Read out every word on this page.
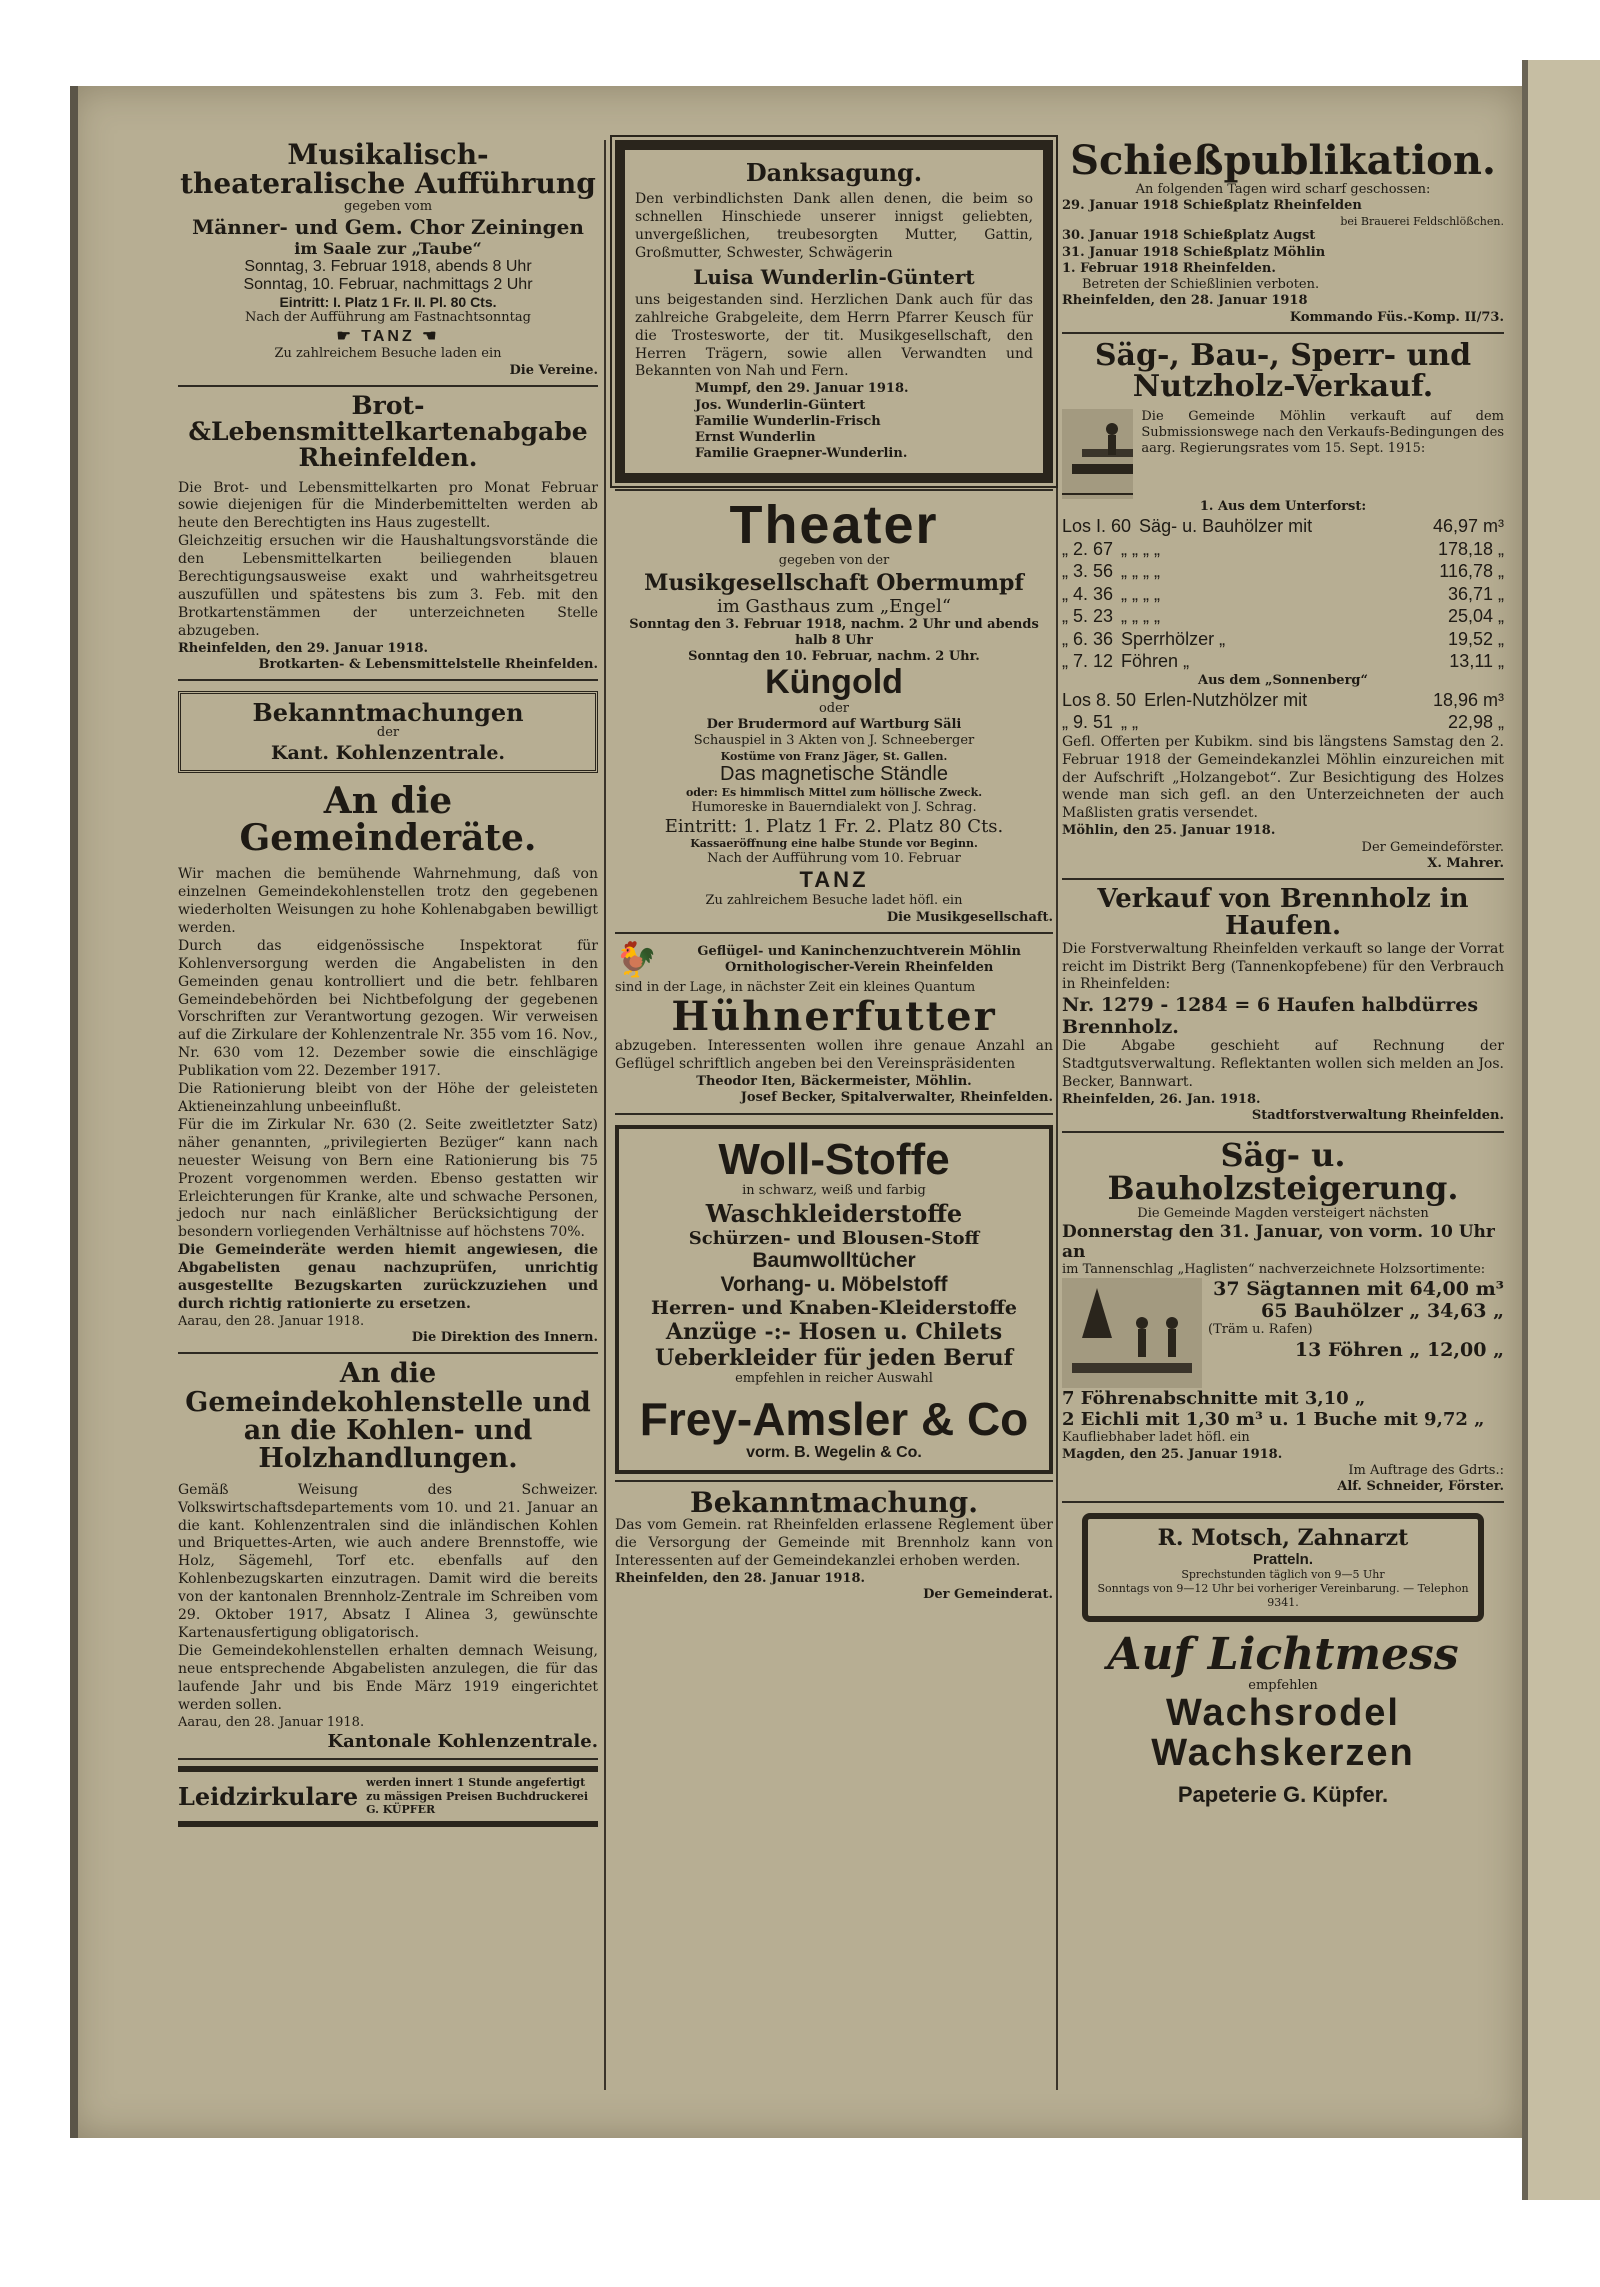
Musikalisch-theateralische Aufführung
gegeben vom
Männer- und Gem. Chor Zeiningen
im Saale zur „Taube“
Sonntag, 3. Februar 1918, abends 8 Uhr
Sonntag, 10. Februar, nachmittags 2 Uhr
Eintritt: I. Platz 1 Fr. II. Pl. 80 Cts.
Nach der Aufführung am Fastnachtsonntag
☛ TANZ ☚
Zu zahlreichem Besuche laden ein
Die Vereine.
Brot-&Lebensmittelkartenabgabe Rheinfelden.
Die Brot- und Lebensmittelkarten pro Monat Februar sowie diejenigen für die Minderbemittelten werden ab heute den Berechtigten ins Haus zugestellt.
Gleichzeitig ersuchen wir die Haushaltungsvorstände die den Lebensmittelkarten beiliegenden blauen Berechtigungsausweise exakt und wahrheitsgetreu auszufüllen und spätestens bis zum 3. Feb. mit den Brotkartenstämmen der unterzeichneten Stelle abzugeben.
Rheinfelden, den 29. Januar 1918.
Brotkarten- & Lebensmittelstelle Rheinfelden.
Bekanntmachungen
der
Kant. Kohlenzentrale.
An die Gemeinderäte.
Wir machen die bemühende Wahrnehmung, daß von einzelnen Gemeindekohlenstellen trotz den gegebenen wiederholten Weisungen zu hohe Kohlenabgaben bewilligt werden.
Durch das eidgenössische Inspektorat für Kohlenversorgung werden die Angabelisten in den Gemeinden genau kontrolliert und die betr. fehlbaren Gemeindebehörden bei Nichtbefolgung der gegebenen Vorschriften zur Verantwortung gezogen. Wir verweisen auf die Zirkulare der Kohlenzentrale Nr. 355 vom 16. Nov., Nr. 630 vom 12. Dezember sowie die einschlägige Publikation vom 22. Dezember 1917.
Die Rationierung bleibt von der Höhe der geleisteten Aktieneinzahlung unbeeinflußt.
Für die im Zirkular Nr. 630 (2. Seite zweitletzter Satz) näher genannten, „privilegierten Bezüger“ kann nach neuester Weisung von Bern eine Rationierung bis 75 Prozent vorgenommen werden. Ebenso gestatten wir Erleichterungen für Kranke, alte und schwache Personen, jedoch nur nach einläßlicher Berücksichtigung der besondern vorliegenden Verhältnisse auf höchstens 70%.
Die Gemeinderäte werden hiemit angewiesen, die Abgabelisten genau nachzuprüfen, unrichtig ausgestellte Bezugskarten zurückzuziehen und durch richtig rationierte zu ersetzen.
Aarau, den 28. Januar 1918.
Die Direktion des Innern.
An die Gemeindekohlenstelle und an die Kohlen- und Holzhandlungen.
Gemäß Weisung des Schweizer. Volkswirtschaftsdepartements vom 10. und 21. Januar an die kant. Kohlenzentralen sind die inländischen Kohlen und Briquettes-Arten, wie auch andere Brennstoffe, wie Holz, Sägemehl, Torf etc. ebenfalls auf den Kohlenbezugskarten einzutragen. Damit wird die bereits von der kantonalen Brennholz-Zentrale im Schreiben vom 29. Oktober 1917, Absatz I Alinea 3, gewünschte Kartenausfertigung obligatorisch.
Die Gemeindekohlenstellen erhalten demnach Weisung, neue entsprechende Abgabelisten anzulegen, die für das laufende Jahr und bis Ende März 1919 eingerichtet werden sollen.
Aarau, den 28. Januar 1918.
Kantonale Kohlenzentrale.
Leidzirkulare werden innert 1 Stunde angefertigt zu mässigen Preisen Buchdruckerei G. KÜPFER
Danksagung.
Den verbindlichsten Dank allen denen, die beim so schnellen Hinschiede unserer innigst geliebten, unvergeßlichen, treubesorgten Mutter, Gattin, Großmutter, Schwester, Schwägerin
Luisa Wunderlin-Güntert
uns beigestanden sind. Herzlichen Dank auch für das zahlreiche Grabgeleite, dem Herrn Pfarrer Keusch für die Trostesworte, der tit. Musikgesellschaft, den Herren Trägern, sowie allen Verwandten und Bekannten von Nah und Fern.
Mumpf, den 29. Januar 1918.
Jos. Wunderlin-Güntert
Familie Wunderlin-Frisch
Ernst Wunderlin
Familie Graepner-Wunderlin.
Theater
gegeben von der
Musikgesellschaft Obermumpf
im Gasthaus zum „Engel“
Sonntag den 3. Februar 1918, nachm. 2 Uhr und abends halb 8 Uhr
Sonntag den 10. Februar, nachm. 2 Uhr.
Küngold
oder
Der Brudermord auf Wartburg Säli
Schauspiel in 3 Akten von J. Schneeberger
Kostüme von Franz Jäger, St. Gallen.
Das magnetische Ständle
oder: Es himmlisch Mittel zum höllische Zweck.
Humoreske in Bauerndialekt von J. Schrag.
Eintritt: 1. Platz 1 Fr. 2. Platz 80 Cts.
Kassaeröffnung eine halbe Stunde vor Beginn.
Nach der Aufführung vom 10. Februar
TANZ
Zu zahlreichem Besuche ladet höfl. ein
Die Musikgesellschaft.
🐓	Geflügel- und Kaninchenzuchtverein Möhlin
Ornithologischer-Verein Rheinfelden
sind in der Lage, in nächster Zeit ein kleines Quantum
Hühnerfutter
abzugeben. Interessenten wollen ihre genaue Anzahl an Geflügel schriftlich angeben bei den Vereinspräsidenten
Theodor Iten, Bäckermeister, Möhlin.
Josef Becker, Spitalverwalter, Rheinfelden.
Woll-Stoffe
in schwarz, weiß und farbig
Waschkleiderstoffe
Schürzen- und Blousen-Stoff
Baumwolltücher
Vorhang- u. Möbelstoff
Herren- und Knaben-Kleiderstoffe
Anzüge -:- Hosen u. Chilets
Ueberkleider für jeden Beruf
empfehlen in reicher Auswahl
Frey-Amsler & Co
vorm. B. Wegelin & Co.
Bekanntmachung.
Das vom Gemein. rat Rheinfelden erlassene Reglement über die Versorgung der Gemeinde mit Brennholz kann von Interessenten auf der Gemeindekanzlei erhoben werden.
Rheinfelden, den 28. Januar 1918.
Der Gemeinderat.
Schießpublikation.
An folgenden Tagen wird scharf geschossen:
29. Januar 1918 Schießplatz Rheinfelden
bei Brauerei Feldschlößchen.
30. Januar 1918 Schießplatz Augst
31. Januar 1918 Schießplatz Möhlin
1. Februar 1918 Rheinfelden.
Betreten der Schießlinien verboten.
Rheinfelden, den 28. Januar 1918
Kommando Füs.-Komp. II/73.
Säg-, Bau-, Sperr- und Nutzholz-Verkauf.
Die Gemeinde Möhlin verkauft auf dem Submissionswege nach den Verkaufs-Bedingungen des aarg. Regierungsrates vom 15. Sept. 1915:
1. Aus dem Unterforst:
Los I. 60 Säg- u. Bauhölzer mit	46,97 m³
„ 2. 67 „ „ „ „	178,18 „
„ 3. 56 „ „ „ „	116,78 „
„ 4. 36 „ „ „ „	36,71 „
„ 5. 23 „ „ „ „	25,04 „
„ 6. 36 Sperrhölzer „	19,52 „
„ 7. 12 Föhren „	13,11 „
Aus dem „Sonnenberg“
Los 8. 50 Erlen-Nutzhölzer mit	18,96 m³
„ 9. 51 „ „	22,98 „
Gefl. Offerten per Kubikm. sind bis längstens Samstag den 2. Februar 1918 der Gemeindekanzlei Möhlin einzureichen mit der Aufschrift „Holzangebot“. Zur Besichtigung des Holzes wende man sich gefl. an den Unterzeichneten der auch Maßlisten gratis versendet.
Möhlin, den 25. Januar 1918.
Der Gemeindeförster.
X. Mahrer.
Verkauf von Brennholz in Haufen.
Die Forstverwaltung Rheinfelden verkauft so lange der Vorrat reicht im Distrikt Berg (Tannenkopfebene) für den Verbrauch in Rheinfelden:
Nr. 1279 - 1284 = 6 Haufen halbdürres Brennholz.
Die Abgabe geschieht auf Rechnung der Stadtgutsverwaltung. Reflektanten wollen sich melden an Jos. Becker, Bannwart.
Rheinfelden, 26. Jan. 1918.
Stadtforstverwaltung Rheinfelden.
Säg- u. Bauholzsteigerung.
Die Gemeinde Magden versteigert nächsten
Donnerstag den 31. Januar, von vorm. 10 Uhr an
im Tannenschlag „Haglisten“ nachverzeichnete Holzsortimente:
37 Sägtannen mit 64,00 m³
65 Bauhölzer „ 34,63 „
(Träm u. Rafen)
13 Föhren „ 12,00 „
7 Föhrenabschnitte mit 3,10 „
2 Eichli mit 1,30 m³ u. 1 Buche mit 9,72 „
Kaufliebhaber ladet höfl. ein
Magden, den 25. Januar 1918.
Im Auftrage des Gdrts.:
Alf. Schneider, Förster.
R. Motsch, Zahnarzt
Pratteln.
Sprechstunden täglich von 9—5 Uhr
Sonntags von 9—12 Uhr bei vorheriger Vereinbarung. — Telephon 9341.
Auf Lichtmess
empfehlen
Wachsrodel
Wachskerzen
Papeterie G. Küpfer.
